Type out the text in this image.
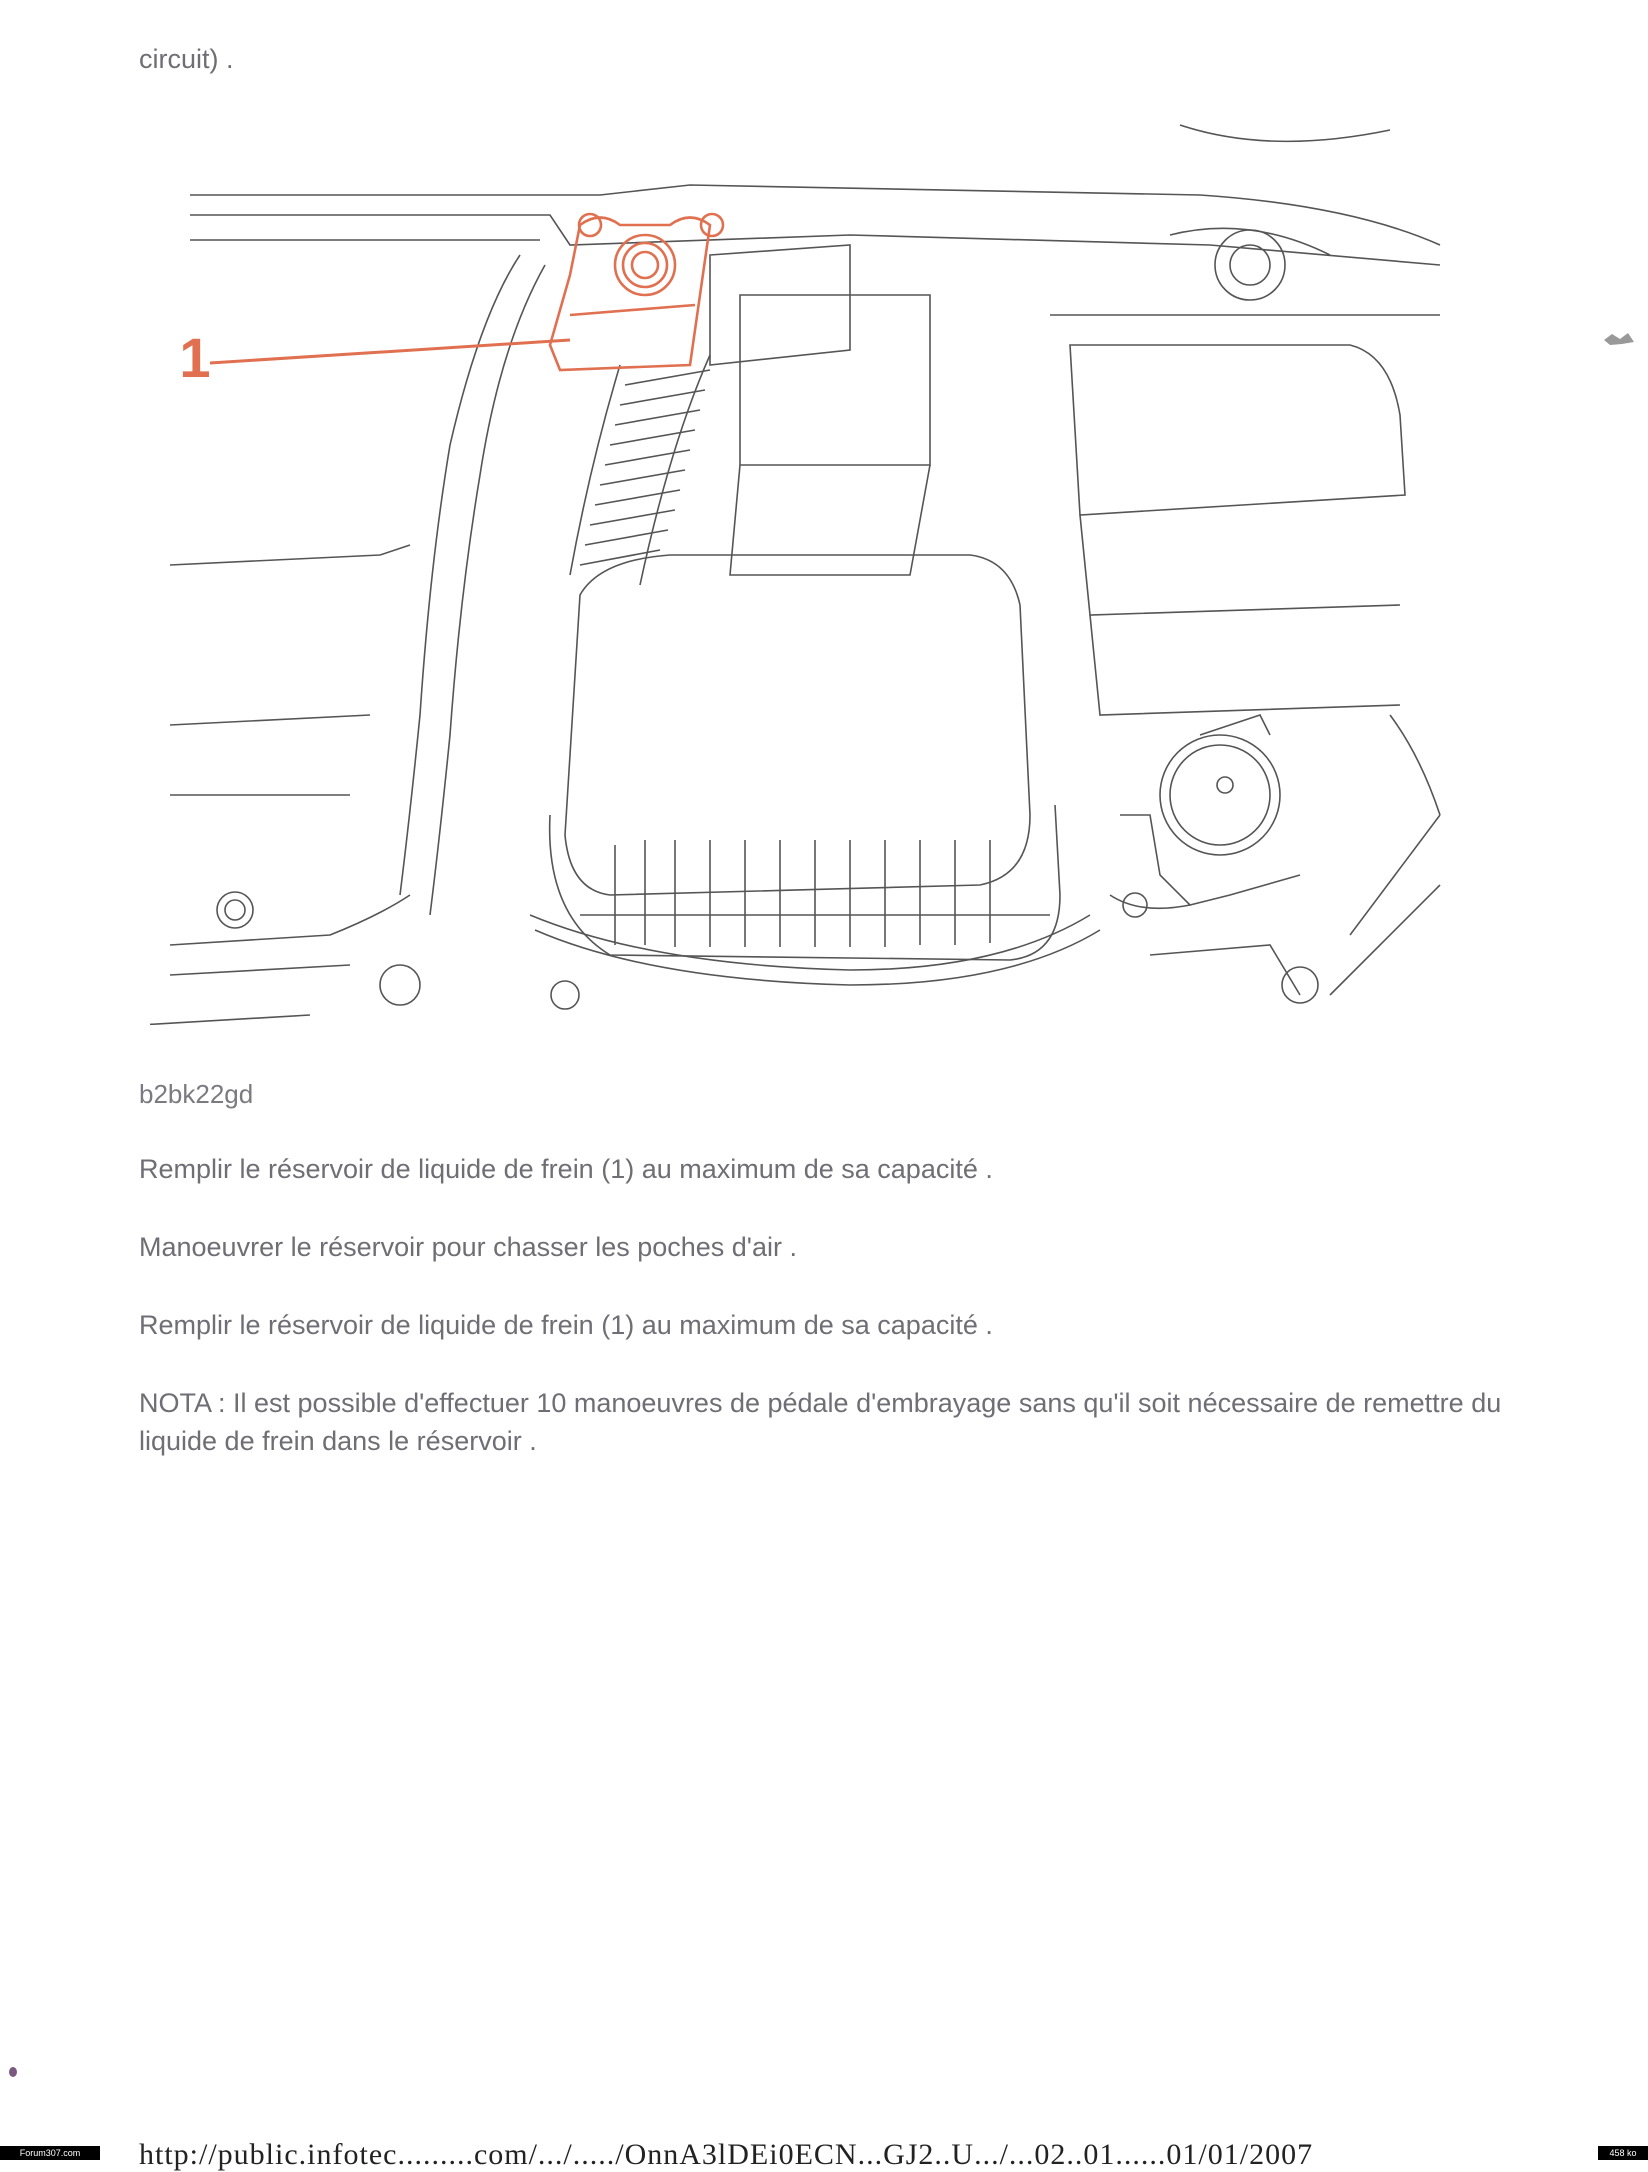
circuit) .
1
b2bk22gd
Remplir le réservoir de liquide de frein (1) au maximum de sa capacité .
Manoeuvrer le réservoir pour chasser les poches d'air .
Remplir le réservoir de liquide de frein (1) au maximum de sa capacité .
NOTA : Il est possible d'effectuer 10 manoeuvres de pédale d'embrayage sans qu'il soit nécessaire de remettre du liquide de frein dans le réservoir .
http://public.infotec.........com/.../...../OnnA3lDEi0ECN...GJ2..U.../...02..01......01/01/2007
Forum307.com	458 ko
